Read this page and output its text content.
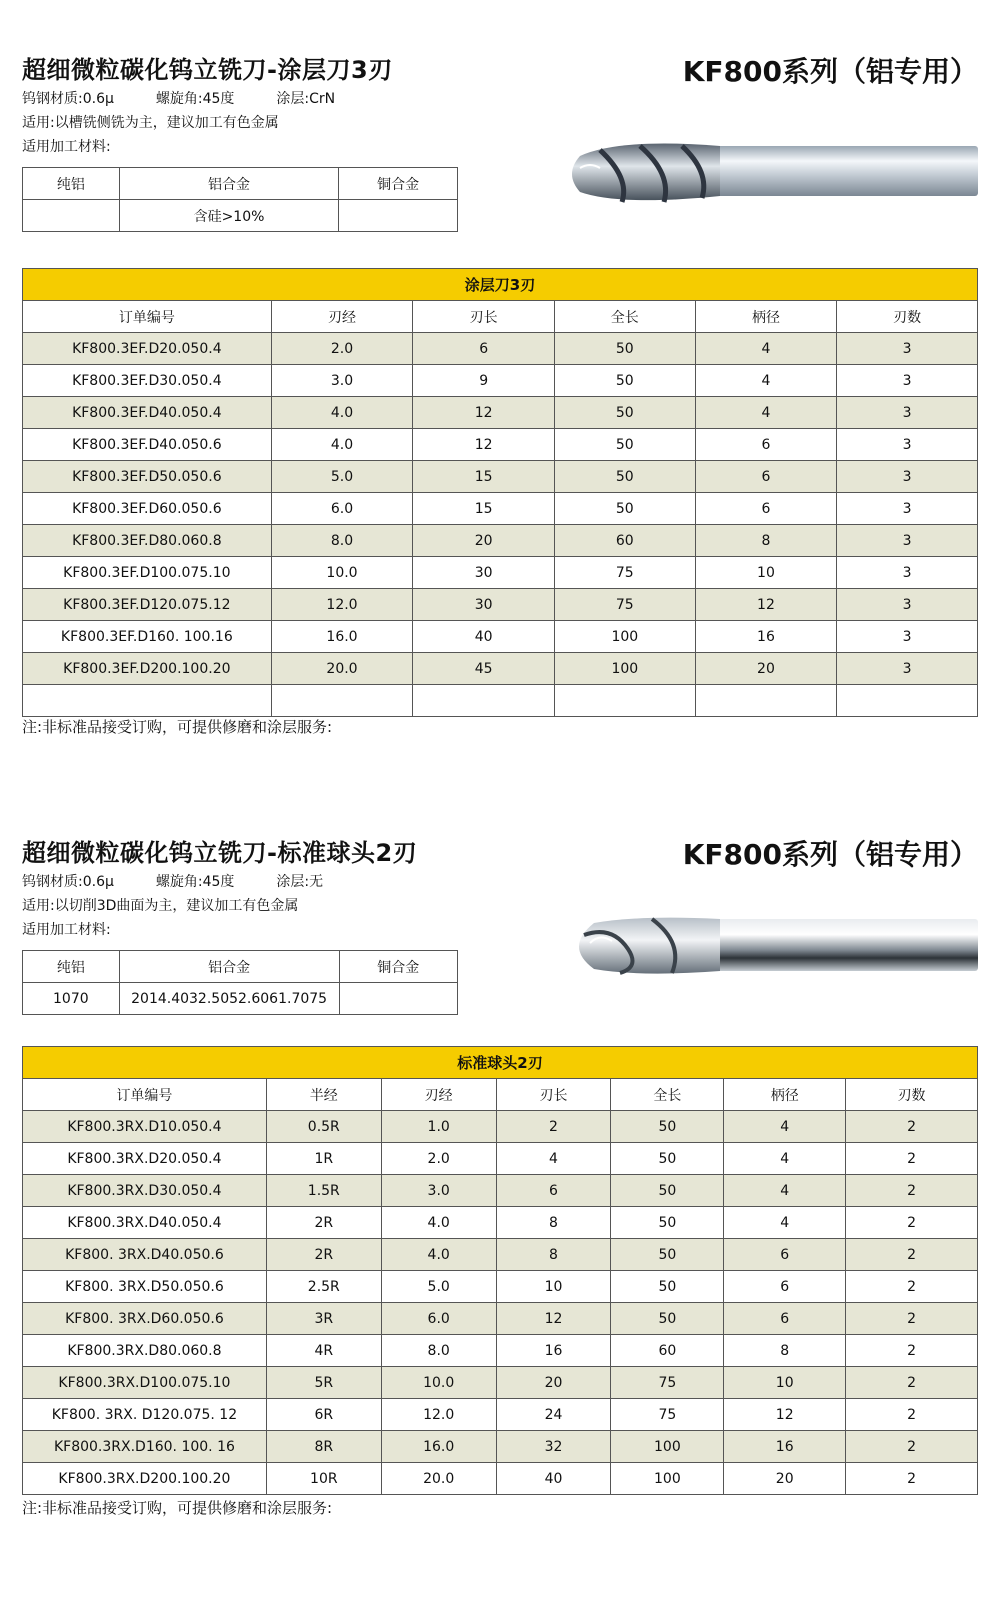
超细微粒碳化钨立铣刀-涂层刀3刃	KF800系列（铝专用）
钨钢材质:0.6μ	螺旋角:45度	涂层:CrN
适用:以槽铣侧铣为主，建议加工有色金属
适用加工材料:
纯铝	铝合金	铜合金
	含硅>10%	
涂层刀3刃					
订单编号	刃经	刃长	全长	柄径	刃数
KF800.3EF.D20.050.4	2.0	6	50	4	3
KF800.3EF.D30.050.4	3.0	9	50	4	3
KF800.3EF.D40.050.4	4.0	12	50	4	3
KF800.3EF.D40.050.6	4.0	12	50	6	3
KF800.3EF.D50.050.6	5.0	15	50	6	3
KF800.3EF.D60.050.6	6.0	15	50	6	3
KF800.3EF.D80.060.8	8.0	20	60	8	3
KF800.3EF.D100.075.10	10.0	30	75	10	3
KF800.3EF.D120.075.12	12.0	30	75	12	3
KF800.3EF.D160. 100.16	16.0	40	100	16	3
KF800.3EF.D200.100.20	20.0	45	100	20	3

注:非标准品接受订购，可提供修磨和涂层服务:
超细微粒碳化钨立铣刀-标准球头2刃	KF800系列（铝专用）
钨钢材质:0.6μ	螺旋角:45度	涂层:无
适用:以切削3D曲面为主，建议加工有色金属
适用加工材料:
纯铝	铝合金	铜合金
1070	2014.4032.5052.6061.7075	
标准球头2刃						
订单编号	半经	刃经	刃长	全长	柄径	刃数
KF800.3RX.D10.050.4	0.5R	1.0	2	50	4	2
KF800.3RX.D20.050.4	1R	2.0	4	50	4	2
KF800.3RX.D30.050.4	1.5R	3.0	6	50	4	2
KF800.3RX.D40.050.4	2R	4.0	8	50	4	2
KF800. 3RX.D40.050.6	2R	4.0	8	50	6	2
KF800. 3RX.D50.050.6	2.5R	5.0	10	50	6	2
KF800. 3RX.D60.050.6	3R	6.0	12	50	6	2
KF800.3RX.D80.060.8	4R	8.0	16	60	8	2
KF800.3RX.D100.075.10	5R	10.0	20	75	10	2
KF800. 3RX. D120.075. 12	6R	12.0	24	75	12	2
KF800.3RX.D160. 100. 16	8R	16.0	32	100	16	2
KF800.3RX.D200.100.20	10R	20.0	40	100	20	2
注:非标准品接受订购，可提供修磨和涂层服务:
